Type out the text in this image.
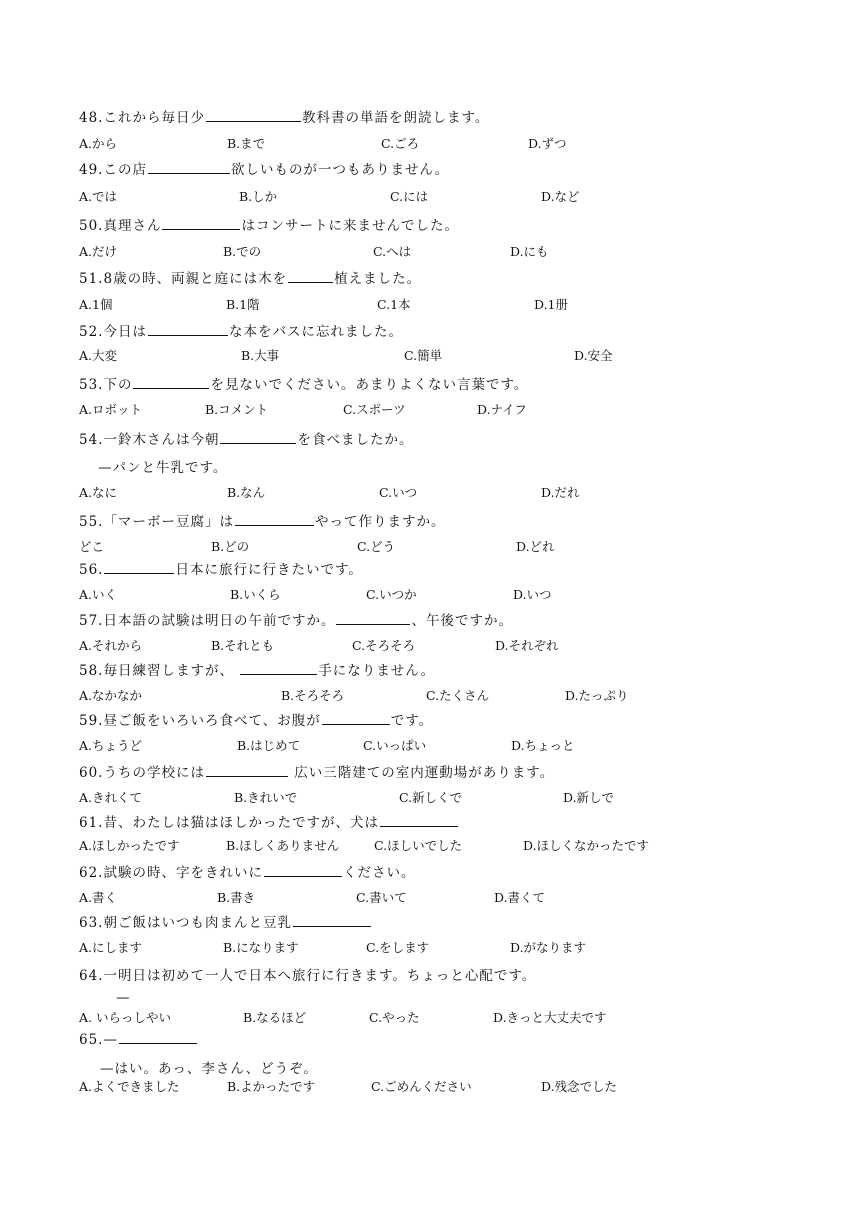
48.これから毎日少	教科書の単語を朗読します。
A.から	B.まで	C.ごろ	D.ずつ
49.この店	欲しいものが一つもありません。
A.では	B.しか	C.には	D.など
50.真理さん	はコンサートに来ませんでした。
A.だけ	B.での	C.へは	D.にも
51.8歳の時、両親と庭には木を	植えました。
A.1個	B.1階	C.1本	D.1册
52.今日は	な本をバスに忘れました。
A.大変	B.大事	C.簡単	D.安全
53.下の	を見ないでください。あまりよくない言葉です。
A.ロボット	B.コメント	C.スポーツ	D.ナイフ
54.一鈴木さんは今朝	を食べましたか。
—パンと牛乳です。
A.なに	B.なん	C.いつ	D.だれ
55.「マーボー豆腐」は	やって作りますか。
どこ	B.どの	C.どう	D.どれ
56.	日本に旅行に行きたいです。
A.いく	B.いくら	C.いつか	D.いつ
57.日本語の試験は明日の午前ですか。	、午後ですか。
A.それから	B.それとも	C.そろそろ	D.それぞれ
58.毎日練習しますが、	手になりません。
A.なかなか	B.そろそろ	C.たくさん	D.たっぷり
59.昼ご飯をいろいろ食べて、お腹が	です。
A.ちょうど	B.はじめて	C.いっぱい	D.ちょっと
60.うちの学校には	広い三階建ての室内運動場があります。
A.きれくて	B.きれいで	C.新しくで	D.新しで
61.昔、わたしは猫はほしかったですが、犬は
A.ほしかったです	B.ほしくありません	C.ほしいでした	D.ほしくなかったです
62.試験の時、字をきれいに	ください。
A.書く	B.書き	C.書いて	D.書くて
63.朝ご飯はいつも肉まんと豆乳
A.にします	B.になります	C.をします	D.がなります
64.一明日は初めて一人で日本へ旅行に行きます。ちょっと心配です。
—
A. いらっしやい	B.なるほど	C.やった	D.きっと大丈夫です
65.—
—はい。あっ、李さん、どうぞ。
A.よくできました	B.よかったです	C.ごめんください	D.残念でした
